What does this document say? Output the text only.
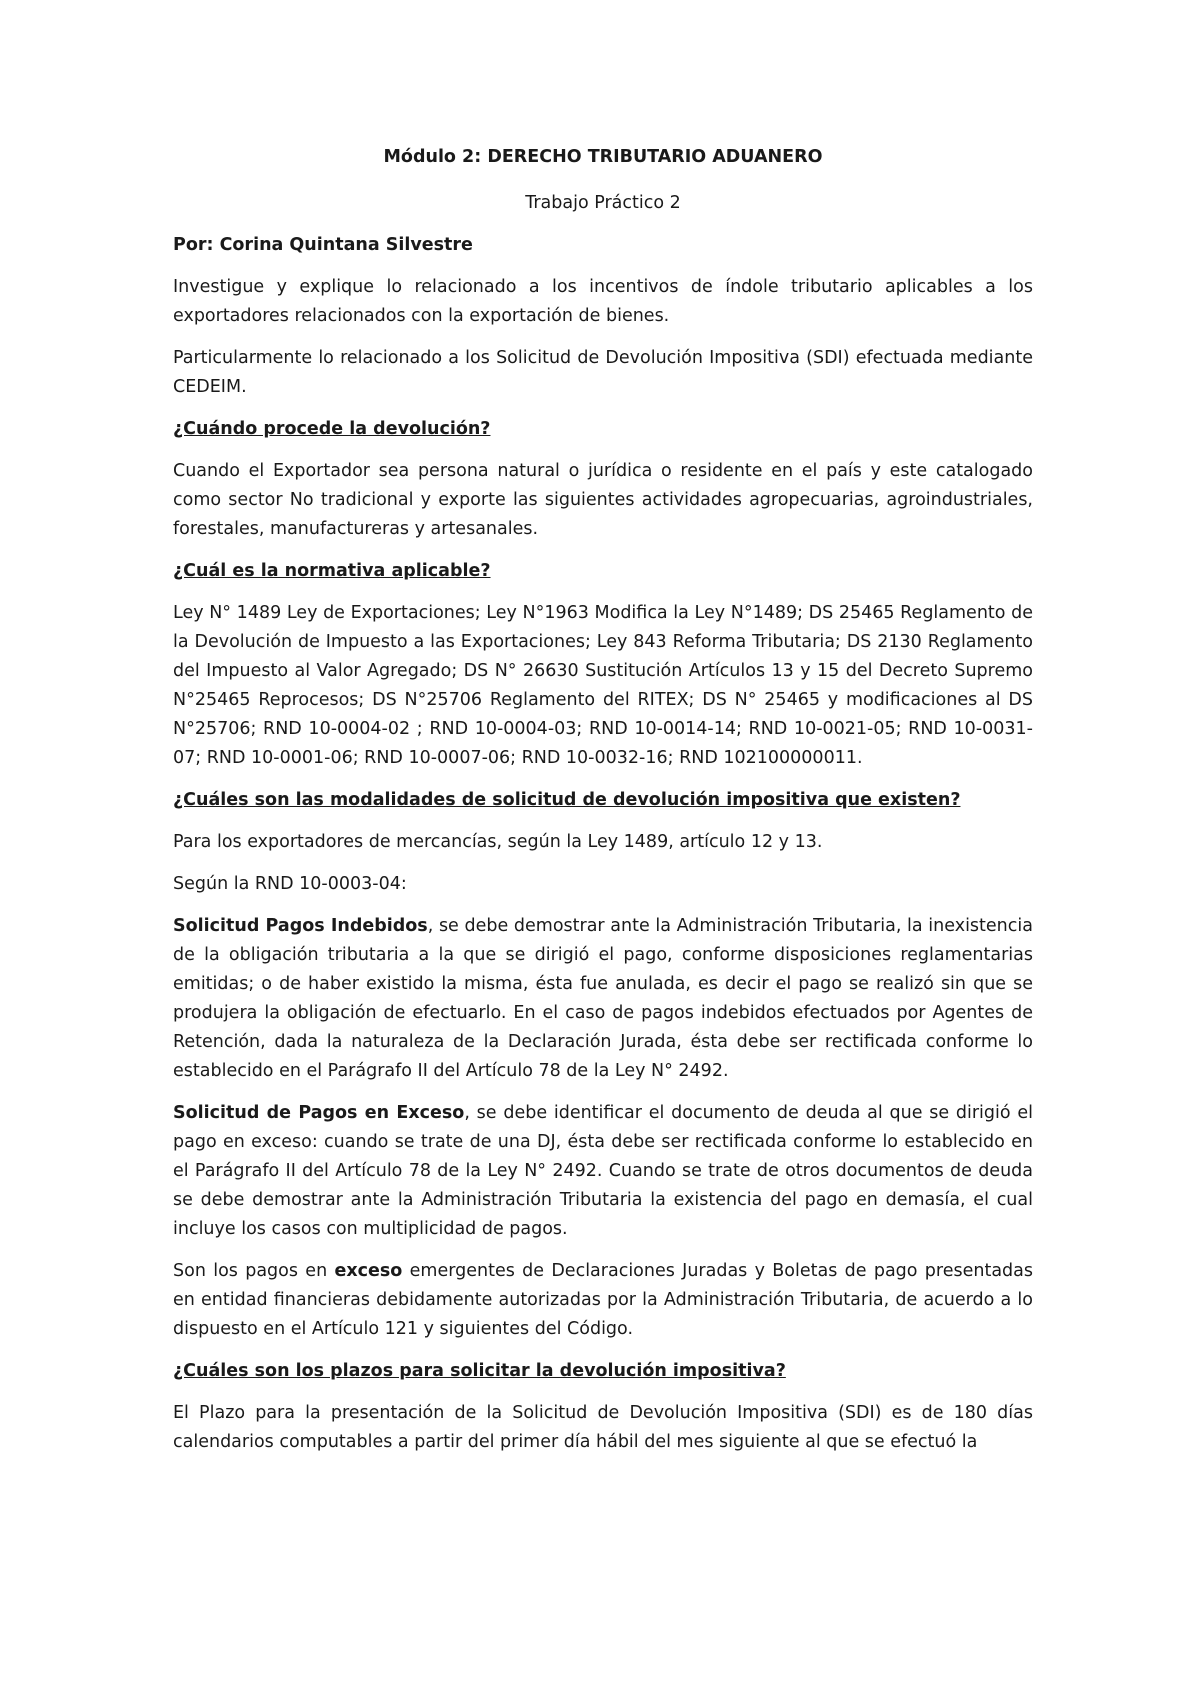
Módulo 2: DERECHO TRIBUTARIO ADUANERO
Trabajo Práctico 2
Por: Corina Quintana Silvestre

Investigue y explique lo relacionado a los incentivos de índole tributario aplicables a los exportadores relacionados con la exportación de bienes.

Particularmente lo relacionado a los Solicitud de Devolución Impositiva (SDI) efectuada mediante CEDEIM.

¿Cuándo procede la devolución?

Cuando el Exportador sea persona natural o jurídica o residente en el país y este catalogado como sector No tradicional y exporte las siguientes actividades agropecuarias, agroindustriales, forestales, manufactureras y artesanales.

¿Cuál es la normativa aplicable?

Ley N° 1489 Ley de Exportaciones; Ley N°1963 Modifica la Ley N°1489; DS 25465 Reglamento de la Devolución de Impuesto a las Exportaciones; Ley 843 Reforma Tributaria; DS 2130 Reglamento del Impuesto al Valor Agregado; DS N° 26630 Sustitución Artículos 13 y 15 del Decreto Supremo N°25465 Reprocesos; DS N°25706 Reglamento del RITEX; DS N° 25465 y modificaciones al DS N°25706; RND 10-0004-02 ; RND 10-0004-03; RND 10-0014-14; RND 10-0021-05; RND 10-0031-07; RND 10-0001-06; RND 10-0007-06; RND 10-0032-16; RND 102100000011.

¿Cuáles son las modalidades de solicitud de devolución impositiva que existen?

Para los exportadores de mercancías, según la Ley 1489, artículo 12 y 13.

Según la RND 10-0003-04:

Solicitud Pagos Indebidos, se debe demostrar ante la Administración Tributaria, la inexistencia de la obligación tributaria a la que se dirigió el pago, conforme disposiciones reglamentarias emitidas; o de haber existido la misma, ésta fue anulada, es decir el pago se realizó sin que se produjera la obligación de efectuarlo. En el caso de pagos indebidos efectuados por Agentes de Retención, dada la naturaleza de la Declaración Jurada, ésta debe ser rectificada conforme lo establecido en el Parágrafo II del Artículo 78 de la Ley N° 2492.

Solicitud de Pagos en Exceso, se debe identificar el documento de deuda al que se dirigió el pago en exceso: cuando se trate de una DJ, ésta debe ser rectificada conforme lo establecido en el Parágrafo II del Artículo 78 de la Ley N° 2492. Cuando se trate de otros documentos de deuda se debe demostrar ante la Administración Tributaria la existencia del pago en demasía, el cual incluye los casos con multiplicidad de pagos.

Son los pagos en exceso emergentes de Declaraciones Juradas y Boletas de pago presentadas en entidad financieras debidamente autorizadas por la Administración Tributaria, de acuerdo a lo dispuesto en el Artículo 121 y siguientes del Código.

¿Cuáles son los plazos para solicitar la devolución impositiva?

El Plazo para la presentación de la Solicitud de Devolución Impositiva (SDI) es de 180 días calendarios computables a partir del primer día hábil del mes siguiente al que se efectuó la
